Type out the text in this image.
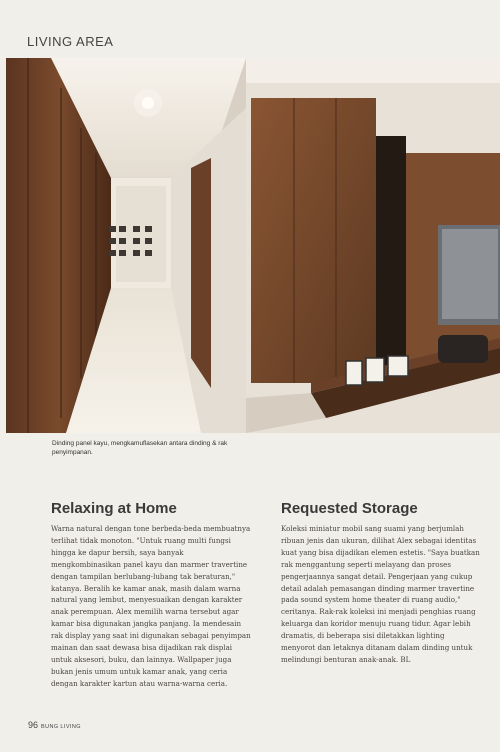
LIVING AREA
Dinding panel kayu, mengkamuflasekan antara dinding & rak penyimpanan.
Relaxing at Home

Warna natural dengan tone berbeda-beda membuatnya terlihat tidak monoton. "Untuk ruang multi fungsi hingga ke dapur bersih, saya banyak mengkombinasikan panel kayu dan marmer travertine dengan tampilan berlubang-lubang tak beraturan," katanya. Beralih ke kamar anak, masih dalam warna natural yang lembut, menyesuaikan dengan karakter anak perempuan. Alex memilih warna tersebut agar kamar bisa digunakan jangka panjang. Ia mendesain rak display yang saat ini digunakan sebagai penyimpan mainan dan saat dewasa bisa dijadikan rak displai untuk aksesori, buku, dan lainnya. Wallpaper juga bukan jenis umum untuk kamar anak, yang ceria dengan karakter kartun atau warna-warna ceria.

Requested Storage

Koleksi miniatur mobil sang suami yang berjumlah ribuan jenis dan ukuran, dilihat Alex sebagai identitas kuat yang bisa dijadikan elemen estetis. "Saya buatkan rak menggantung seperti melayang dan proses pengerjaannya sangat detail. Pengerjaan yang cukup detail adalah pemasangan dinding marmer travertine pada sound system home theater di ruang audio," ceritanya. Rak-rak koleksi ini menjadi penghias ruang keluarga dan koridor menuju ruang tidur. Agar lebih dramatis, di beberapa sisi diletakkan lighting menyorot dan letaknya ditanam dalam dinding untuk melindungi benturan anak-anak. BL

96 BUNG LIVING
